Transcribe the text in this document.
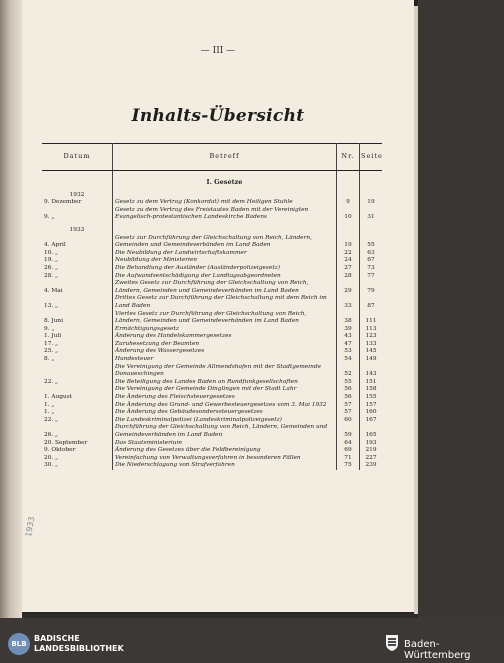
— III —
Inhalts-Übersicht
Datum	Betreff	Nr.	Seite
	I. Gesetze		
1932			
9. Dezember	Gesetz zu dem Vertrag (Konkordat) mit dem Heiligen Stuhle	9	19
9. „	Gesetz zu dem Vertrag des Freistaates Baden mit der Vereinigten Evangelisch-protestantischen Landeskirche Badens	10	31
1933			
4. April	Gesetz zur Durchführung der Gleichschaltung von Reich, Ländern, Gemeinden und Gemeindeverbänden im Land Baden	19	55
10. „	Die Neubildung der Landwirtschaftskammer	22	63
19. „	Neubildung der Ministerien	24	67
26. „	Die Behandlung der Ausländer (Ausländerpolizeigesetz)	27	73
28. „	Die Aufwandsentschädigung der Landtagsabgeordneten	28	77
4. Mai	Zweites Gesetz zur Durchführung der Gleichschaltung von Reich, Ländern, Gemeinden und Gemeindeverbänden im Land Baden	29	79
13. „	Drittes Gesetz zur Durchführung der Gleichschaltung mit dem Reich im Land Baden	33	87
8. Juni	Viertes Gesetz zur Durchführung der Gleichschaltung von Reich, Ländern, Gemeinden und Gemeindeverbänden im Land Baden	38	111
9. „	Ermächtigungsgesetz	39	113
1. Juli	Änderung des Handelskammergesetzes	43	123
17. „	Zuruhesetzung der Beamten	47	133
25. „	Änderung des Wassergesetzes	53	145
8. „	Hundesteuer	54	149
	Die Vereinigung der Gemeinde Allmendshofen mit der Stadtgemeinde Donaueschingen	52	143
22. „	Die Beteiligung des Landes Baden an Rundfunkgesellschaften	55	151
	Die Vereinigung der Gemeinde Dinglingen mit der Stadt Lahr	56	158
1. August	Die Änderung des Fleischsteuergesetzes	56	155
1. „	Die Änderung des Grund- und Gewerbesteuergesetzes vom 3. Mai 1932	57	157
1. „	Die Änderung des Gebäudesonderssteuergesetzes	57	160
22. „	Die Landeskriminalpolizei (Landeskriminalpolizeigesetz)	60	167
26. „	Durchführung der Gleichschaltung von Reich, Ländern, Gemeinden und Gemeindeverbänden im Land Baden	59	165
20. September	Das Staatsministerium	64	193
9. Oktober	Änderung des Gesetzes über die Feldbereinigung	69	219
20. „	Vereinfachung von Verwaltungsverfahren in besonderen Fällen	71	227
30. „	Die Niederschlagung von Strafverfahren	75	239
1933
BLB
BADISCHE
LANDESBIBLIOTHEK	Baden-Württemberg
